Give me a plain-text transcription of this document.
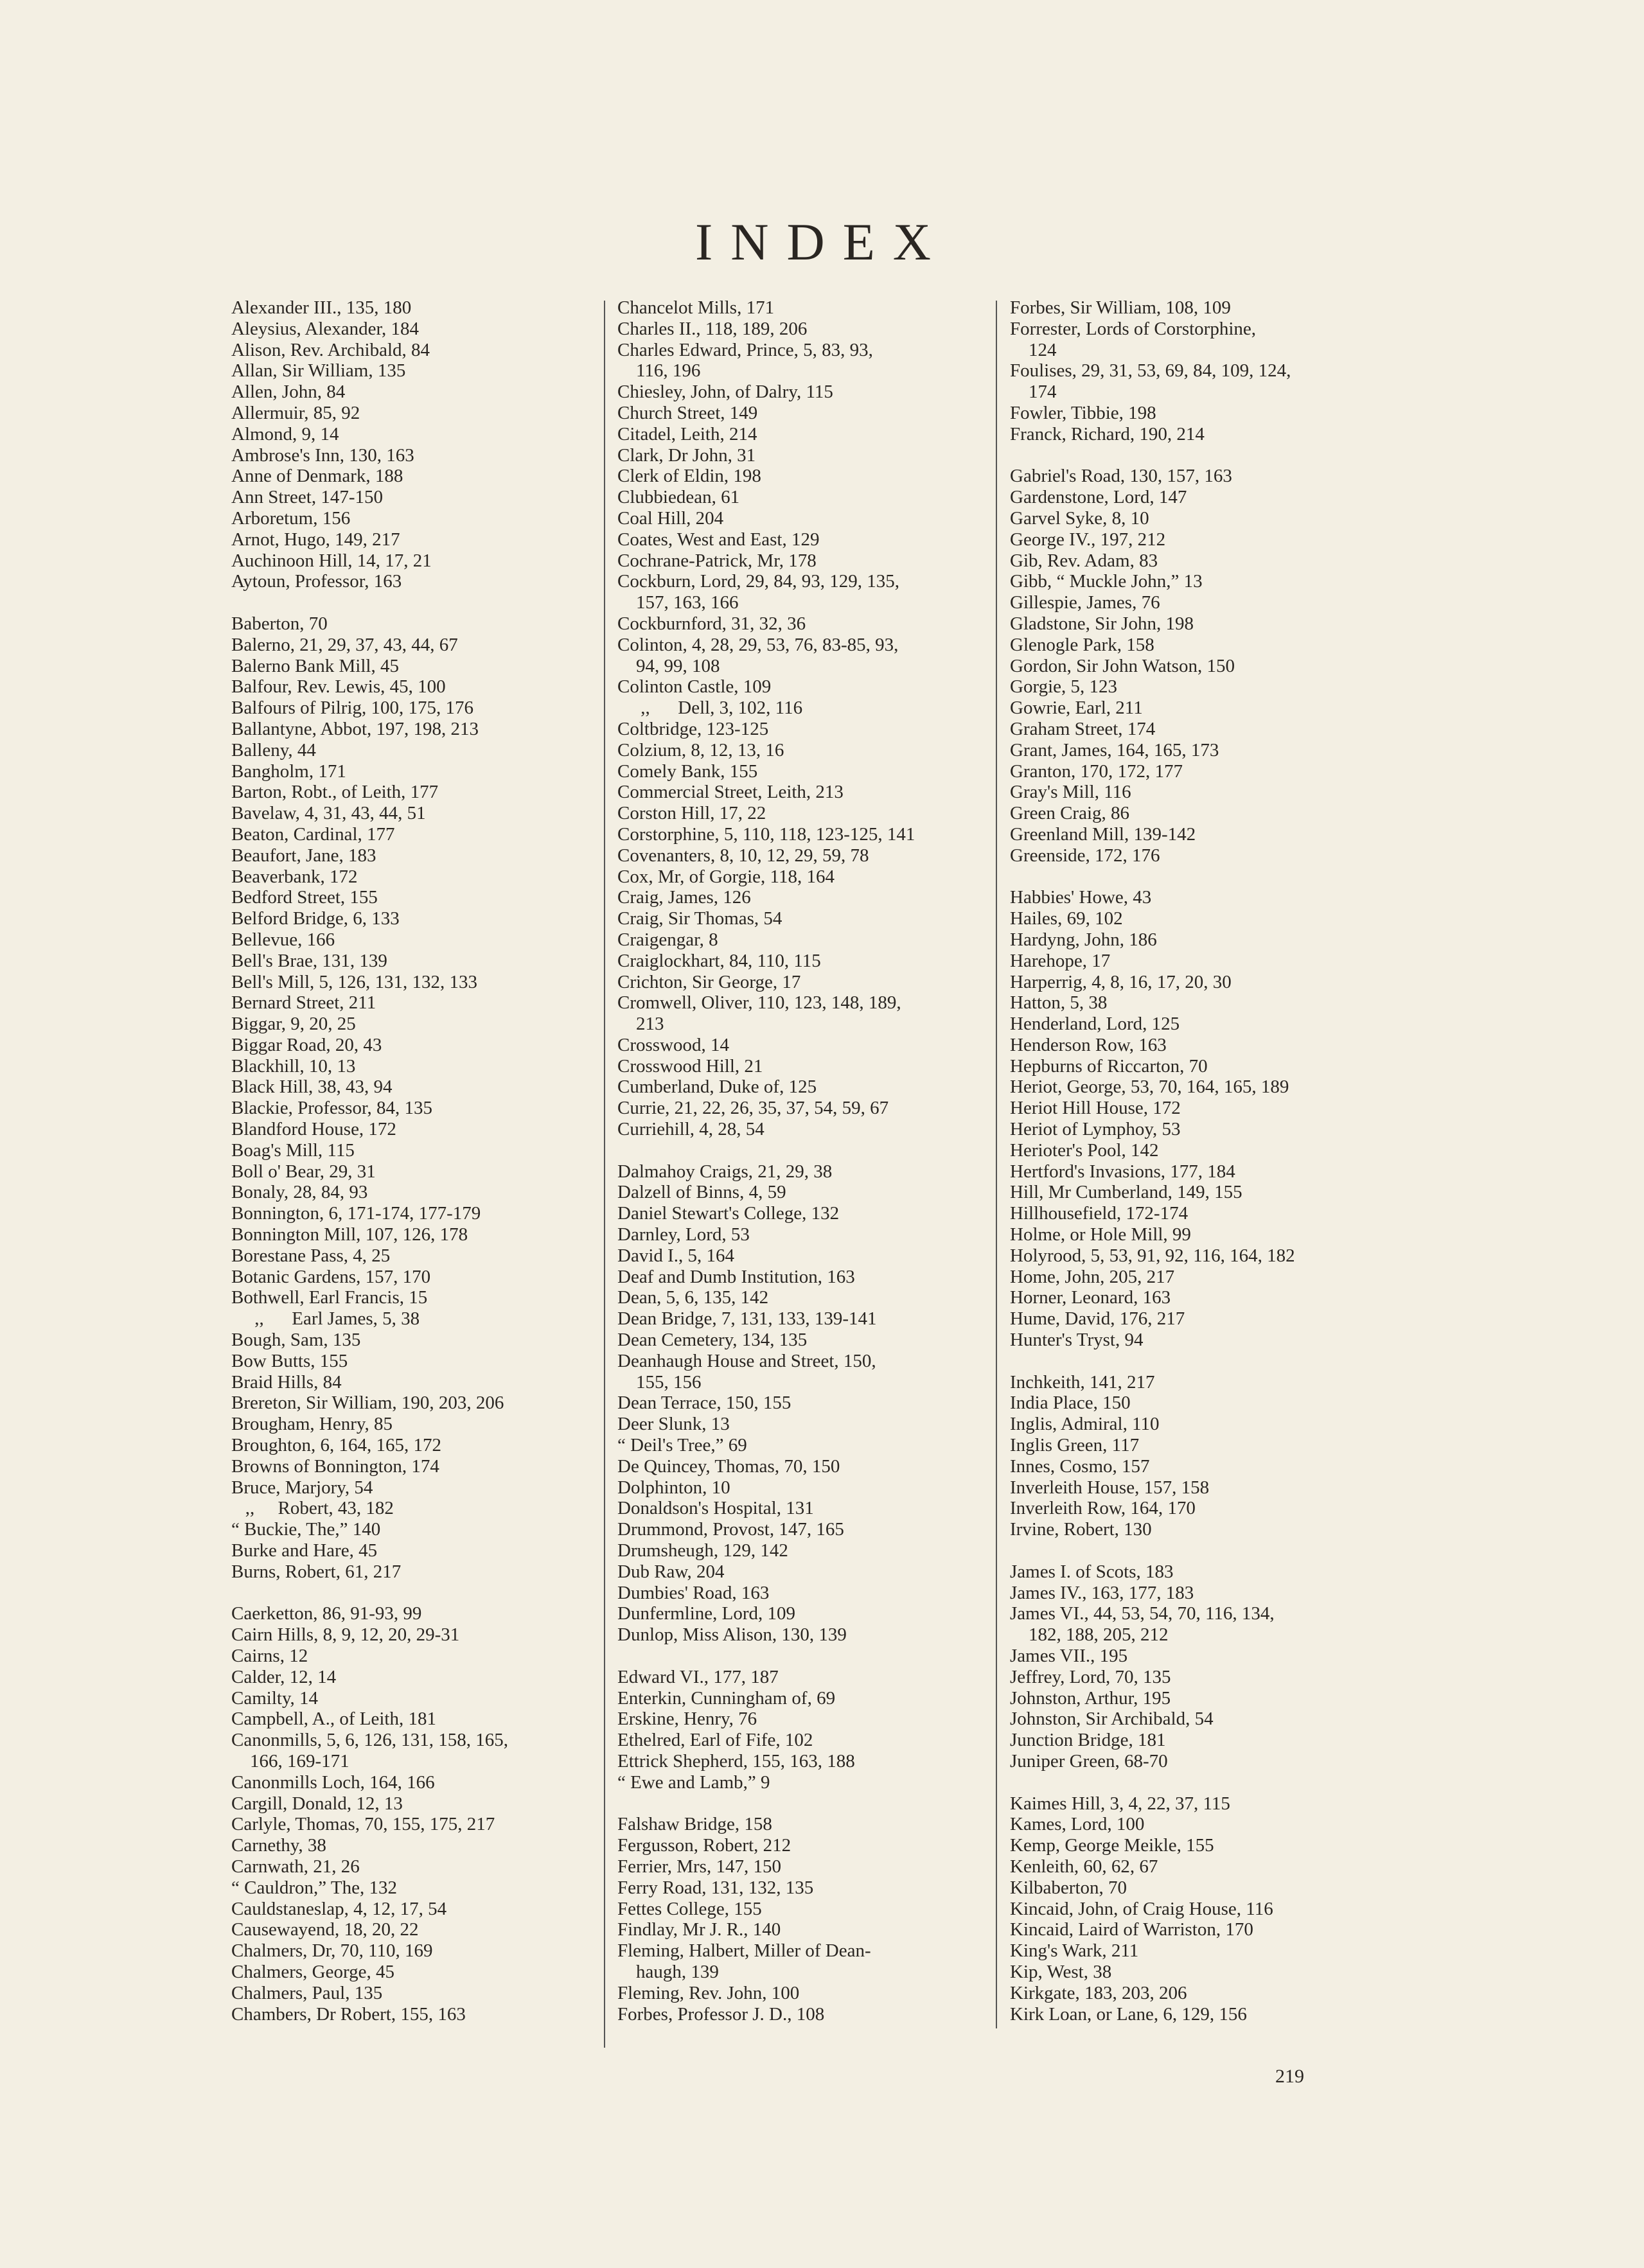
INDEX
Alexander III., 135, 180
Aleysius, Alexander, 184
Alison, Rev. Archibald, 84
Allan, Sir William, 135
Allen, John, 84
Allermuir, 85, 92
Almond, 9, 14
Ambrose's Inn, 130, 163
Anne of Denmark, 188
Ann Street, 147-150
Arboretum, 156
Arnot, Hugo, 149, 217
Auchinoon Hill, 14, 17, 21
Aytoun, Professor, 163

Baberton, 70
Balerno, 21, 29, 37, 43, 44, 67
Balerno Bank Mill, 45
Balfour, Rev. Lewis, 45, 100
Balfours of Pilrig, 100, 175, 176
Ballantyne, Abbot, 197, 198, 213
Balleny, 44
Bangholm, 171
Barton, Robt., of Leith, 177
Bavelaw, 4, 31, 43, 44, 51
Beaton, Cardinal, 177
Beaufort, Jane, 183
Beaverbank, 172
Bedford Street, 155
Belford Bridge, 6, 133
Bellevue, 166
Bell's Brae, 131, 139
Bell's Mill, 5, 126, 131, 132, 133
Bernard Street, 211
Biggar, 9, 20, 25
Biggar Road, 20, 43
Blackhill, 10, 13
Black Hill, 38, 43, 94
Blackie, Professor, 84, 135
Blandford House, 172
Boag's Mill, 115
Boll o' Bear, 29, 31
Bonaly, 28, 84, 93
Bonnington, 6, 171-174, 177-179
Bonnington Mill, 107, 126, 178
Borestane Pass, 4, 25
Botanic Gardens, 157, 170
Bothwell, Earl Francis, 15
,,      Earl James, 5, 38
Bough, Sam, 135
Bow Butts, 155
Braid Hills, 84
Brereton, Sir William, 190, 203, 206
Brougham, Henry, 85
Broughton, 6, 164, 165, 172
Browns of Bonnington, 174
Bruce, Marjory, 54
,,     Robert, 43, 182
“ Buckie, The,” 140
Burke and Hare, 45
Burns, Robert, 61, 217

Caerketton, 86, 91-93, 99
Cairn Hills, 8, 9, 12, 20, 29-31
Cairns, 12
Calder, 12, 14
Camilty, 14
Campbell, A., of Leith, 181
Canonmills, 5, 6, 126, 131, 158, 165,
166, 169-171
Canonmills Loch, 164, 166
Cargill, Donald, 12, 13
Carlyle, Thomas, 70, 155, 175, 217
Carnethy, 38
Carnwath, 21, 26
“ Cauldron,” The, 132
Cauldstaneslap, 4, 12, 17, 54
Causewayend, 18, 20, 22
Chalmers, Dr, 70, 110, 169
Chalmers, George, 45
Chalmers, Paul, 135
Chambers, Dr Robert, 155, 163
Chancelot Mills, 171
Charles II., 118, 189, 206
Charles Edward, Prince, 5, 83, 93,
116, 196
Chiesley, John, of Dalry, 115
Church Street, 149
Citadel, Leith, 214
Clark, Dr John, 31
Clerk of Eldin, 198
Clubbiedean, 61
Coal Hill, 204
Coates, West and East, 129
Cochrane-Patrick, Mr, 178
Cockburn, Lord, 29, 84, 93, 129, 135,
157, 163, 166
Cockburnford, 31, 32, 36
Colinton, 4, 28, 29, 53, 76, 83-85, 93,
94, 99, 108
Colinton Castle, 109
,,      Dell, 3, 102, 116
Coltbridge, 123-125
Colzium, 8, 12, 13, 16
Comely Bank, 155
Commercial Street, Leith, 213
Corston Hill, 17, 22
Corstorphine, 5, 110, 118, 123-125, 141
Covenanters, 8, 10, 12, 29, 59, 78
Cox, Mr, of Gorgie, 118, 164
Craig, James, 126
Craig, Sir Thomas, 54
Craigengar, 8
Craiglockhart, 84, 110, 115
Crichton, Sir George, 17
Cromwell, Oliver, 110, 123, 148, 189,
213
Crosswood, 14
Crosswood Hill, 21
Cumberland, Duke of, 125
Currie, 21, 22, 26, 35, 37, 54, 59, 67
Curriehill, 4, 28, 54

Dalmahoy Craigs, 21, 29, 38
Dalzell of Binns, 4, 59
Daniel Stewart's College, 132
Darnley, Lord, 53
David I., 5, 164
Deaf and Dumb Institution, 163
Dean, 5, 6, 135, 142
Dean Bridge, 7, 131, 133, 139-141
Dean Cemetery, 134, 135
Deanhaugh House and Street, 150,
155, 156
Dean Terrace, 150, 155
Deer Slunk, 13
“ Deil's Tree,” 69
De Quincey, Thomas, 70, 150
Dolphinton, 10
Donaldson's Hospital, 131
Drummond, Provost, 147, 165
Drumsheugh, 129, 142
Dub Raw, 204
Dumbies' Road, 163
Dunfermline, Lord, 109
Dunlop, Miss Alison, 130, 139

Edward VI., 177, 187
Enterkin, Cunningham of, 69
Erskine, Henry, 76
Ethelred, Earl of Fife, 102
Ettrick Shepherd, 155, 163, 188
“ Ewe and Lamb,” 9

Falshaw Bridge, 158
Fergusson, Robert, 212
Ferrier, Mrs, 147, 150
Ferry Road, 131, 132, 135
Fettes College, 155
Findlay, Mr J. R., 140
Fleming, Halbert, Miller of Dean-
haugh, 139
Fleming, Rev. John, 100
Forbes, Professor J. D., 108
Forbes, Sir William, 108, 109
Forrester, Lords of Corstorphine,
124
Foulises, 29, 31, 53, 69, 84, 109, 124,
174
Fowler, Tibbie, 198
Franck, Richard, 190, 214

Gabriel's Road, 130, 157, 163
Gardenstone, Lord, 147
Garvel Syke, 8, 10
George IV., 197, 212
Gib, Rev. Adam, 83
Gibb, “ Muckle John,” 13
Gillespie, James, 76
Gladstone, Sir John, 198
Glenogle Park, 158
Gordon, Sir John Watson, 150
Gorgie, 5, 123
Gowrie, Earl, 211
Graham Street, 174
Grant, James, 164, 165, 173
Granton, 170, 172, 177
Gray's Mill, 116
Green Craig, 86
Greenland Mill, 139-142
Greenside, 172, 176

Habbies' Howe, 43
Hailes, 69, 102
Hardyng, John, 186
Harehope, 17
Harperrig, 4, 8, 16, 17, 20, 30
Hatton, 5, 38
Henderland, Lord, 125
Henderson Row, 163
Hepburns of Riccarton, 70
Heriot, George, 53, 70, 164, 165, 189
Heriot Hill House, 172
Heriot of Lymphoy, 53
Herioter's Pool, 142
Hertford's Invasions, 177, 184
Hill, Mr Cumberland, 149, 155
Hillhousefield, 172-174
Holme, or Hole Mill, 99
Holyrood, 5, 53, 91, 92, 116, 164, 182
Home, John, 205, 217
Horner, Leonard, 163
Hume, David, 176, 217
Hunter's Tryst, 94

Inchkeith, 141, 217
India Place, 150
Inglis, Admiral, 110
Inglis Green, 117
Innes, Cosmo, 157
Inverleith House, 157, 158
Inverleith Row, 164, 170
Irvine, Robert, 130

James I. of Scots, 183
James IV., 163, 177, 183
James VI., 44, 53, 54, 70, 116, 134,
182, 188, 205, 212
James VII., 195
Jeffrey, Lord, 70, 135
Johnston, Arthur, 195
Johnston, Sir Archibald, 54
Junction Bridge, 181
Juniper Green, 68-70

Kaimes Hill, 3, 4, 22, 37, 115
Kames, Lord, 100
Kemp, George Meikle, 155
Kenleith, 60, 62, 67
Kilbaberton, 70
Kincaid, John, of Craig House, 116
Kincaid, Laird of Warriston, 170
King's Wark, 211
Kip, West, 38
Kirkgate, 183, 203, 206
Kirk Loan, or Lane, 6, 129, 156
219
